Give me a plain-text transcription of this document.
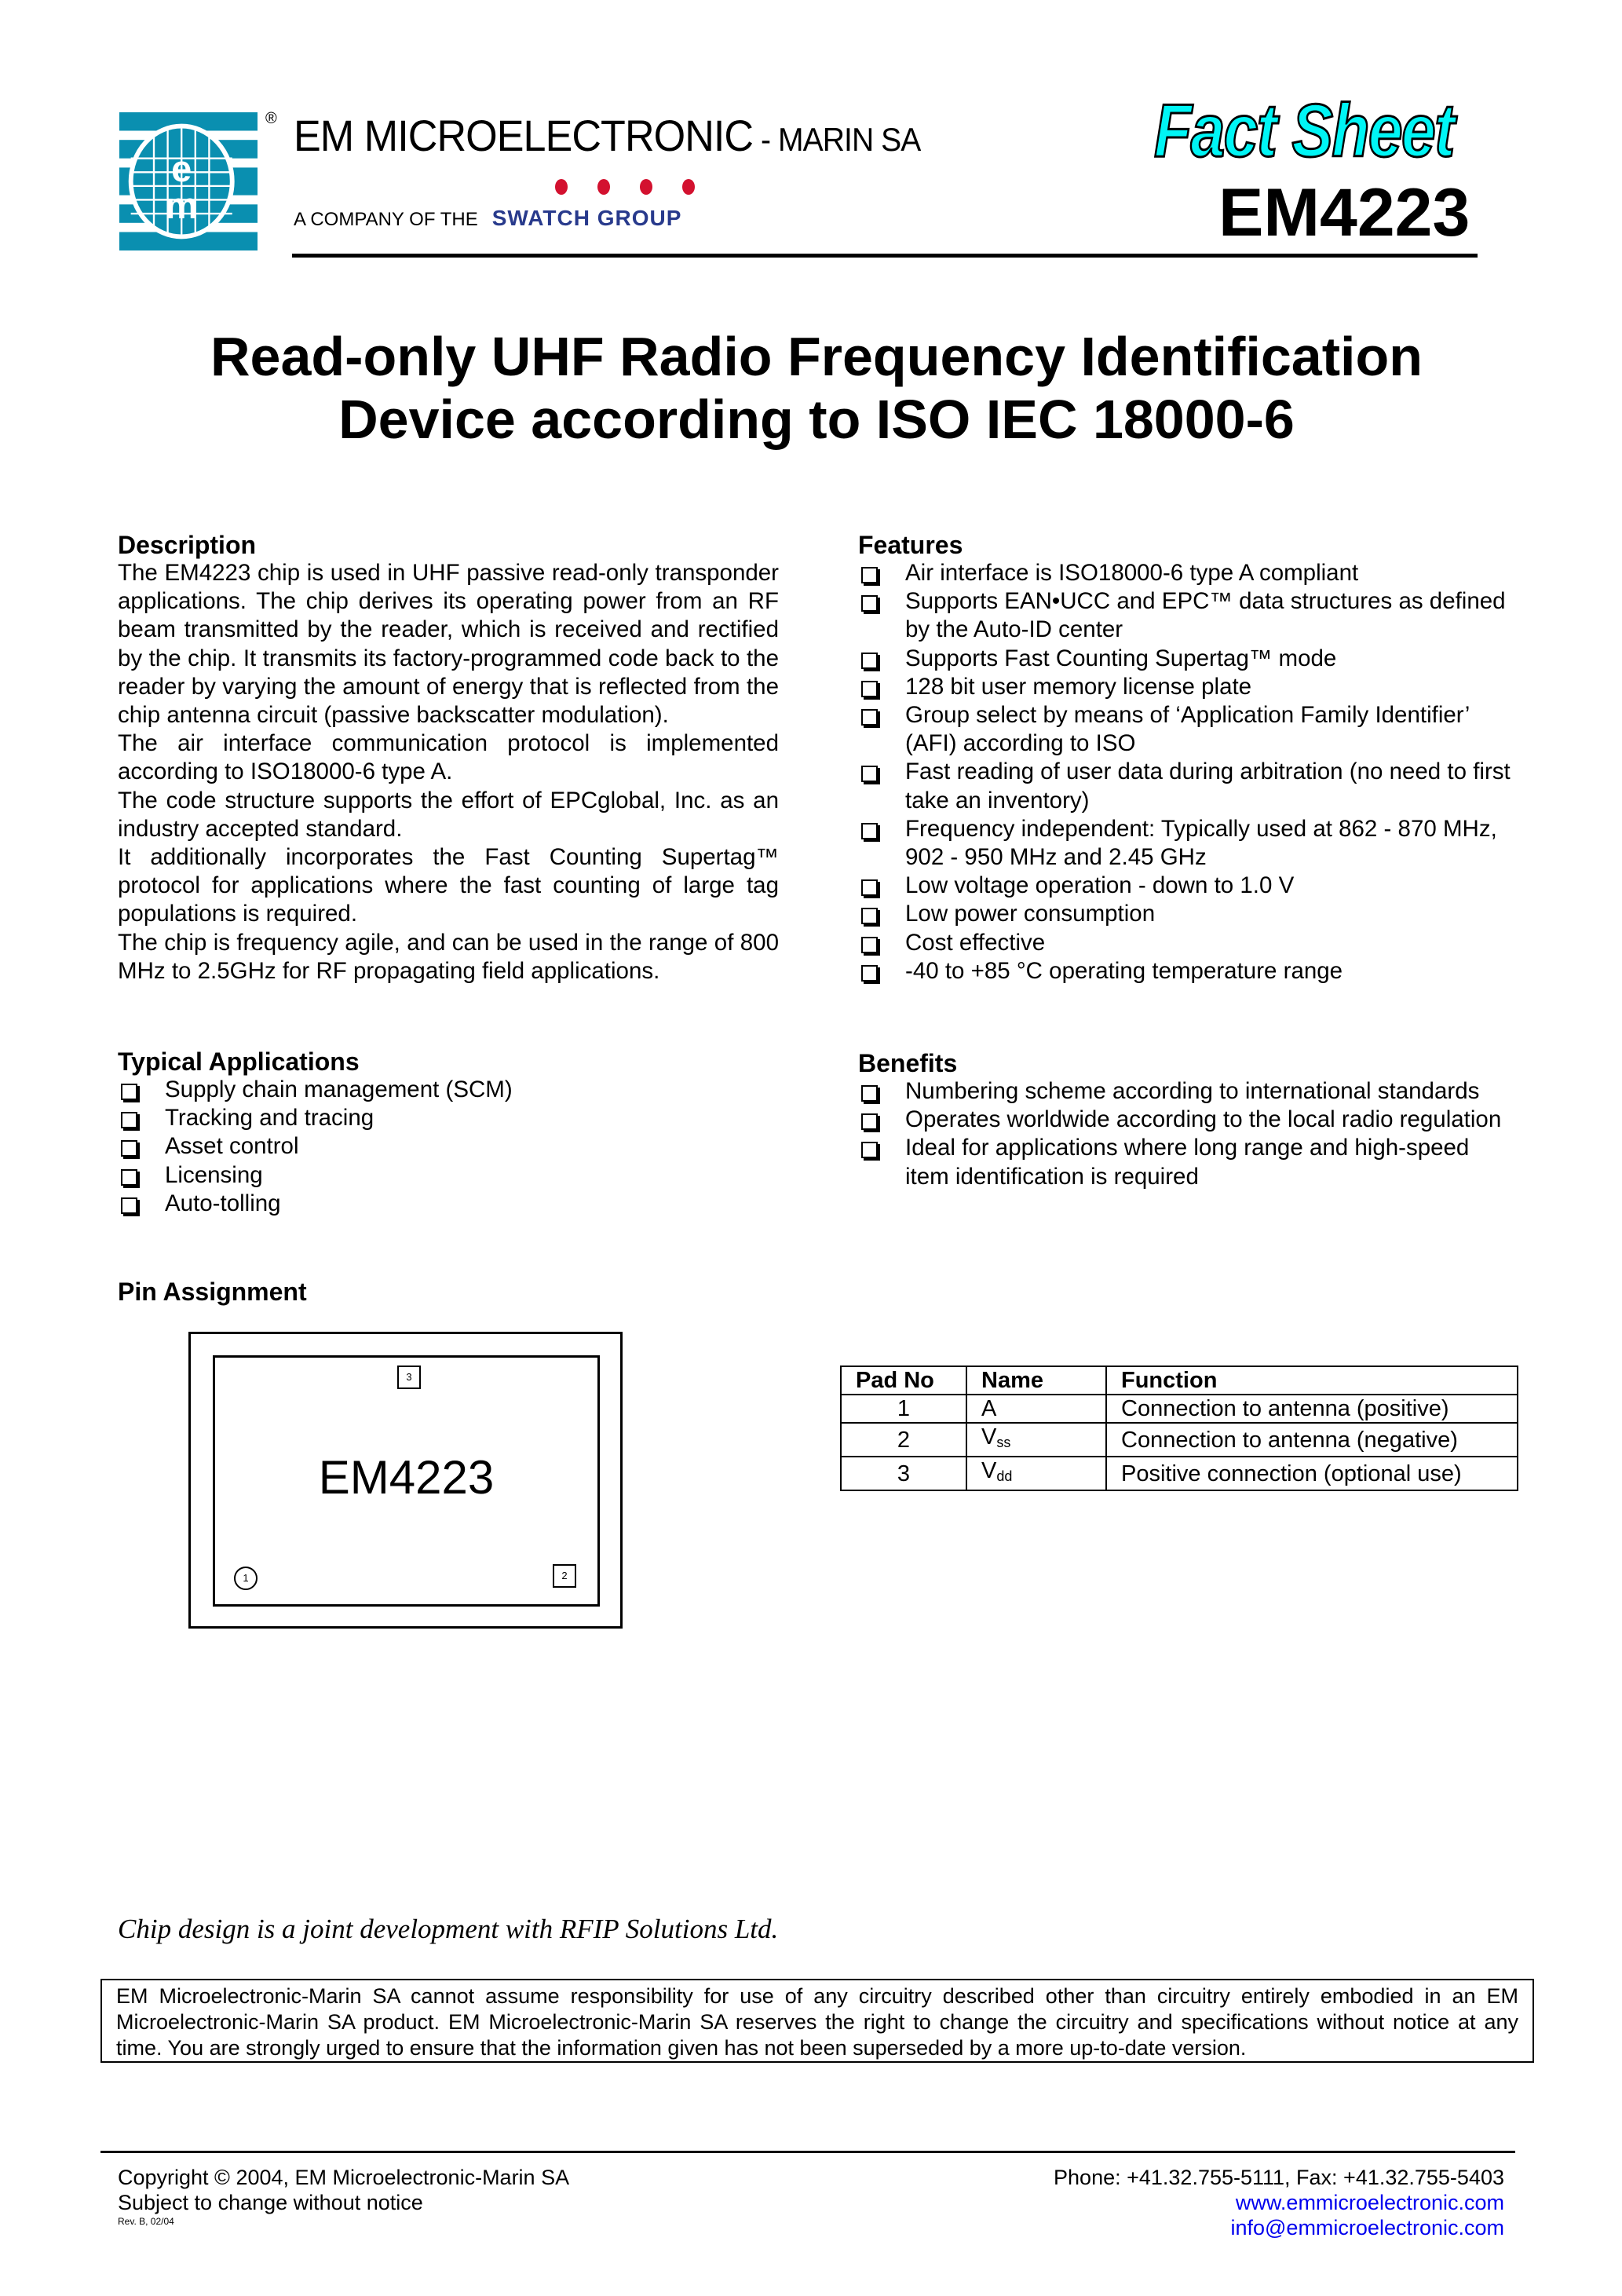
e
m
® EM MICROELECTRONIC - MARIN SA
A COMPANY OF THE SWATCH GROUP
Fact Sheet
EM4223
Read-only UHF Radio Frequency Identification
Device according to ISO IEC 18000-6
Description

The EM4223 chip is used in UHF passive read-only transponder applications. The chip derives its operating power from an RF beam transmitted by the reader, which is received and rectified by the chip. It transmits its factory-programmed code back to the reader by varying the amount of energy that is reflected from the chip antenna circuit (passive backscatter modulation).

The air interface communication protocol is implemented according to ISO18000-6 type A.

The code structure supports the effort of EPCglobal, Inc. as an industry accepted standard.

It additionally incorporates the Fast Counting Supertag™ protocol for applications where the fast counting of large tag populations is required.

The chip is frequency agile, and can be used in the range of 800 MHz to 2.5GHz for RF propagating field applications.

Typical Applications
Supply chain management (SCM)
Tracking and tracing
Asset control
Licensing
Auto-tolling
Features
Air interface is ISO18000-6 type A compliant
Supports EAN•UCC and EPC™ data structures as defined by the Auto-ID center
Supports Fast Counting Supertag™ mode
128 bit user memory license plate
Group select by means of ‘Application Family Identifier’ (AFI) according to ISO
Fast reading of user data during arbitration (no need to first take an inventory)
Frequency independent: Typically used at 862 - 870 MHz, 902 - 950 MHz and 2.45 GHz
Low voltage operation - down to 1.0 V
Low power consumption
Cost effective
-40 to +85 °C operating temperature range
Benefits
Numbering scheme according to international standards
Operates worldwide according to the local radio regulation
Ideal for applications where long range and high-speed item identification is required
Pin Assignment
3
EM4223
1	2
Pad No	Name	Function
1	A	Connection to antenna (positive)
2	$V_{ss}$	Connection to antenna (negative)
3	$V_{dd}$	Positive connection (optional use)
Chip design is a joint development with RFIP Solutions Ltd.
EM Microelectronic-Marin SA cannot assume responsibility for use of any circuitry described other than circuitry entirely embodied in an EM Microelectronic-Marin SA product. EM Microelectronic-Marin SA reserves the right to change the circuitry and specifications without notice at any time. You are strongly urged to ensure that the information given has not been superseded by a more up-to-date version.
Copyright © 2004, EM Microelectronic-Marin SA
Subject to change without notice
Rev. B, 02/04
Phone: +41.32.755-5111, Fax: +41.32.755-5403
www.emmicroelectronic.com
info@emmicroelectronic.com
